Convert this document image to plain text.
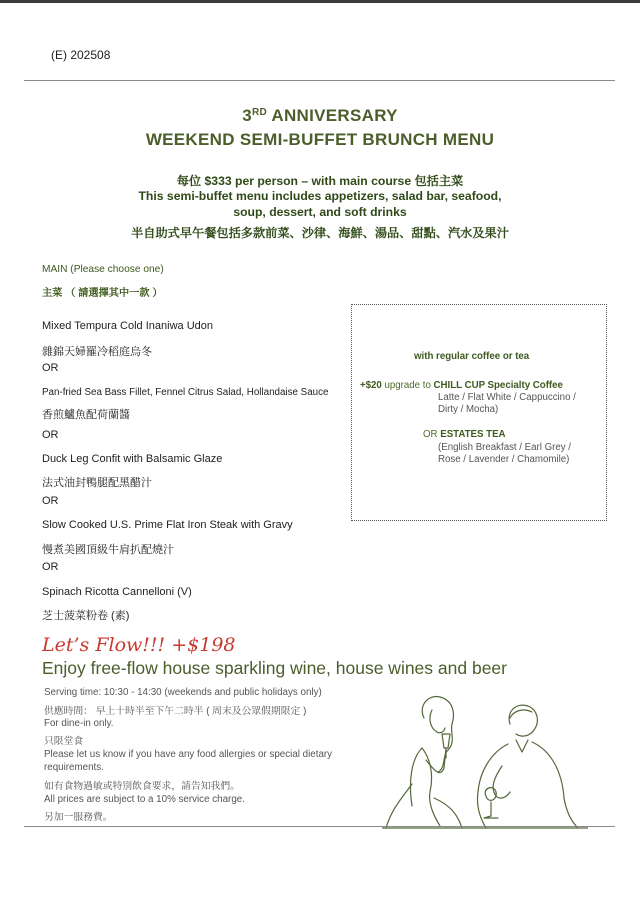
(E) 202508
3RD ANNIVERSARY
WEEKEND SEMI-BUFFET BRUNCH MENU
每位 $333 per person – with main course 包括主菜
This semi-buffet menu includes appetizers, salad bar, seafood,
soup, dessert, and soft drinks
半自助式早午餐包括多款前菜、沙律、海鮮、湯品、甜點、汽水及果汁
MAIN (Please choose one)
主菜 （ 請選擇其中一款 ）
Mixed Tempura Cold Inaniwa Udon
雜錦天婦羅冷稻庭烏冬
OR
Pan-fried Sea Bass Fillet, Fennel Citrus Salad, Hollandaise Sauce
香煎鱸魚配荷蘭醬
OR
Duck Leg Confit with Balsamic Glaze
法式油封鴨腿配黑醋汁
OR
Slow Cooked U.S. Prime Flat Iron Steak with Gravy
慢煮美國頂級牛肩扒配燒汁
OR
Spinach Ricotta Cannelloni (V)
芝士菠菜粉卷 (素)
with regular coffee or tea
+$20 upgrade to CHILL CUP Specialty Coffee
Latte / Flat White / Cappuccino /
Dirty / Mocha)
OR ESTATES TEA
(English Breakfast / Earl Grey /
Rose / Lavender / Chamomile)
Let’s Flow!!! +$198
Enjoy free-flow house sparkling wine, house wines and beer
Serving time: 10:30 - 14:30 (weekends and public holidays only)
供應時間： 早上十時半至下午二時半 ( 周末及公眾假期限定 )
For dine-in only.
只限堂食
Please let us know if you have any food allergies or special dietary
requirements.
如有食物過敏或特別飲食要求，請告知我們。
All prices are subject to a 10% service charge.
另加一服務費。
